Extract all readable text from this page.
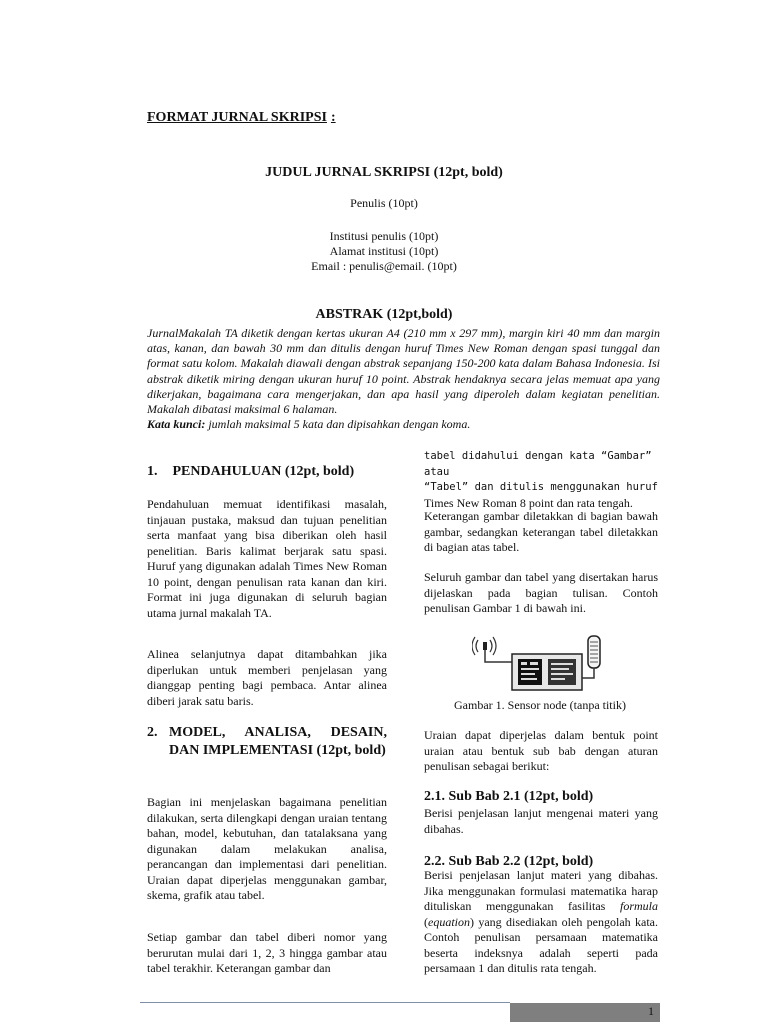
FORMAT JURNAL SKRIPSI :
JUDUL JURNAL SKRIPSI (12pt, bold)
Penulis (10pt)
Institusi penulis (10pt)
Alamat institusi (10pt)
Email : penulis@email. (10pt)
ABSTRAK (12pt,bold)
JurnalMakalah TA diketik dengan kertas ukuran A4 (210 mm x 297 mm), margin kiri 40 mm dan margin atas, kanan, dan bawah 30 mm dan ditulis dengan huruf Times New Roman dengan spasi tunggal dan format satu kolom. Makalah diawali dengan abstrak sepanjang 150-200 kata dalam Bahasa Indonesia. Isi abstrak diketik miring dengan ukuran huruf 10 point. Abstrak hendaknya secara jelas memuat apa yang dikerjakan, bagaimana cara mengerjakan, dan apa hasil yang diperoleh dalam kegiatan penelitian. Makalah dibatasi maksimal 6 halaman.
Kata kunci: jumlah maksimal 5 kata dan dipisahkan dengan koma.
1. PENDAHULUAN (12pt, bold)
Pendahuluan memuat identifikasi masalah, tinjauan pustaka, maksud dan tujuan penelitian serta manfaat yang bisa diberikan oleh hasil penelitian. Baris kalimat berjarak satu spasi. Huruf yang digunakan adalah Times New Roman 10 point, dengan penulisan rata kanan dan kiri. Format ini juga digunakan di seluruh bagian utama jurnal makalah TA.
Alinea selanjutnya dapat ditambahkan jika diperlukan untuk memberi penjelasan yang dianggap penting bagi pembaca. Antar alinea diberi jarak satu baris.
2. MODEL, ANALISA, DESAIN, DAN IMPLEMENTASI (12pt, bold)
Bagian ini menjelaskan bagaimana penelitian dilakukan, serta dilengkapi dengan uraian tentang bahan, model, kebutuhan, dan tatalaksana yang digunakan dalam melakukan analisa, perancangan dan implementasi dari penelitian. Uraian dapat diperjelas menggunakan gambar, skema, grafik atau tabel.
Setiap gambar dan tabel diberi nomor yang berurutan mulai dari 1, 2, 3 hingga gambar atau tabel terakhir. Keterangan gambar dan
tabel didahului dengan kata “Gambar” atau
“Tabel” dan ditulis menggunakan huruf
Times New Roman 8 point dan rata tengah.
Keterangan gambar diletakkan di bagian bawah gambar, sedangkan keterangan tabel diletakkan di bagian atas tabel.
Seluruh gambar dan tabel yang disertakan harus dijelaskan pada bagian tulisan. Contoh penulisan Gambar 1 di bawah ini.
Gambar 1. Sensor node (tanpa titik)
Uraian dapat diperjelas dalam bentuk point uraian atau bentuk sub bab dengan aturan penulisan sebagai berikut:
2.1. Sub Bab 2.1 (12pt, bold)
Berisi penjelasan lanjut mengenai materi yang dibahas.
2.2. Sub Bab 2.2 (12pt, bold)
Berisi penjelasan lanjut materi yang dibahas. Jika menggunakan formulasi matematika harap dituliskan menggunakan fasilitas formula (equation) yang disediakan oleh pengolah kata. Contoh penulisan persamaan matematika beserta indeksnya adalah seperti pada persamaan 1 dan ditulis rata tengah.
1
